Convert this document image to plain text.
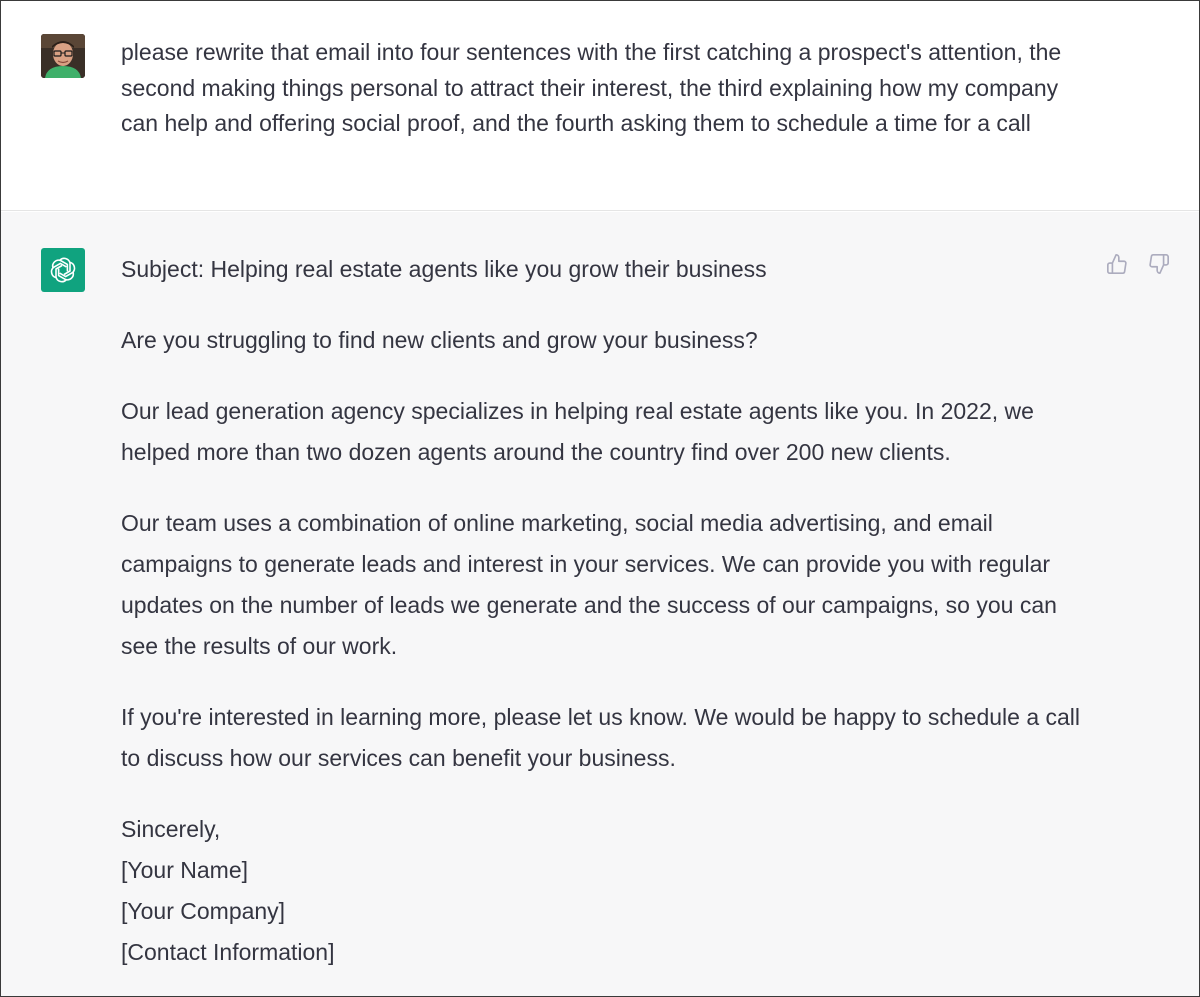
please rewrite that email into four sentences with the first catching a prospect's attention, the second making things personal to attract their interest, the third explaining how my company can help and offering social proof, and the fourth asking them to schedule a time for a call

Subject: Helping real estate agents like you grow their business

Are you struggling to find new clients and grow your business?

Our lead generation agency specializes in helping real estate agents like you. In 2022, we helped more than two dozen agents around the country find over 200 new clients.

Our team uses a combination of online marketing, social media advertising, and email campaigns to generate leads and interest in your services. We can provide you with regular updates on the number of leads we generate and the success of our campaigns, so you can see the results of our work.

If you're interested in learning more, please let us know. We would be happy to schedule a call to discuss how our services can benefit your business.

Sincerely,
[Your Name]
[Your Company]
[Contact Information]
